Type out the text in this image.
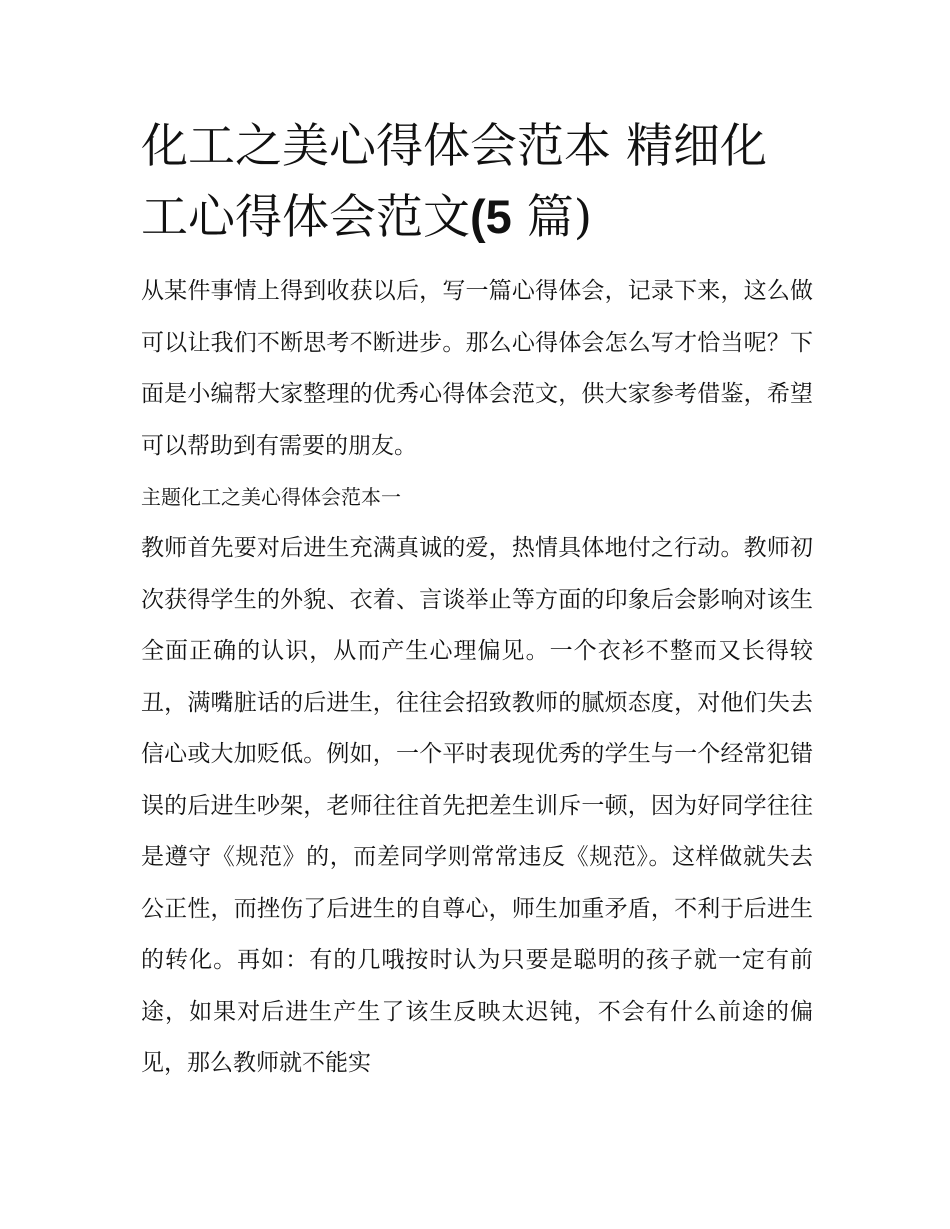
化工之美心得体会范本 精细化工心得体会范文(5 篇)

从某件事情上得到收获以后，写一篇心得体会，记录下来，这么做可以让我们不断思考不断进步。那么心得体会怎么写才恰当呢？下面是小编帮大家整理的优秀心得体会范文，供大家参考借鉴，希望可以帮助到有需要的朋友。

主题化工之美心得体会范本一

教师首先要对后进生充满真诚的爱，热情具体地付之行动。教师初次获得学生的外貌、衣着、言谈举止等方面的印象后会影响对该生全面正确的认识，从而产生心理偏见。一个衣衫不整而又长得较丑，满嘴脏话的后进生，往往会招致教师的腻烦态度，对他们失去信心或大加贬低。例如，一个平时表现优秀的学生与一个经常犯错误的后进生吵架，老师往往首先把差生训斥一顿，因为好同学往往是遵守《规范》的，而差同学则常常违反《规范》。这样做就失去公正性，而挫伤了后进生的自尊心，师生加重矛盾，不利于后进生的转化。再如：有的几哦按时认为只要是聪明的孩子就一定有前途，如果对后进生产生了该生反映太迟钝，不会有什么前途的偏见，那么教师就不能实
